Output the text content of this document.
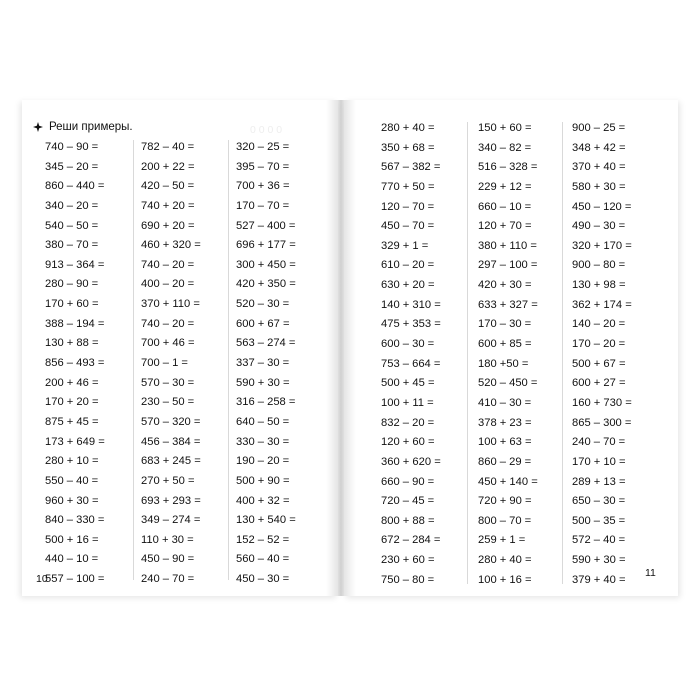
0 0 0 0
Реши примеры.
740 – 90 =
345 – 20 =
860 – 440 =
340 – 20 =
540 – 50 =
380 – 70 =
913 – 364 =
280 – 90 =
170 + 60 =
388 – 194 =
130 + 88 =
856 – 493 =
200 + 46 =
170 + 20 =
875 + 45 =
173 + 649 =
280 + 10 =
550 – 40 =
960 + 30 =
840 – 330 =
500 + 16 =
440 – 10 =
557 – 100 =
782 – 40 =
200 + 22 =
420 – 50 =
740 + 20 =
690 + 20 =
460 + 320 =
740 – 20 =
400 – 20 =
370 + 110 =
740 – 20 =
700 + 46 =
700 – 1 =
570 – 30 =
230 – 50 =
570 – 320 =
456 – 384 =
683 + 245 =
270 + 50 =
693 + 293 =
349 – 274 =
110 + 30 =
450 – 90 =
240 – 70 =
320 – 25 =
395 – 70 =
700 + 36 =
170 – 70 =
527 – 400 =
696 + 177 =
300 + 450 =
420 + 350 =
520 – 30 =
600 + 67 =
563 – 274 =
337 – 30 =
590 + 30 =
316 – 258 =
640 – 50 =
330 – 30 =
190 – 20 =
500 + 90 =
400 + 32 =
130 + 540 =
152 – 52 =
560 – 40 =
450 – 30 =
280 + 40 =
350 + 68 =
567 – 382 =
770 + 50 =
120 – 70 =
450 – 70 =
329 + 1 =
610 – 20 =
630 + 20 =
140 + 310 =
475 + 353 =
600 – 30 =
753 – 664 =
500 + 45 =
100 + 11 =
832 – 20 =
120 + 60 =
360 + 620 =
660 – 90 =
720 – 45 =
800 + 88 =
672 – 284 =
230 + 60 =
750 – 80 =
150 + 60 =
340 – 82 =
516 – 328 =
229 + 12 =
660 – 10 =
120 + 70 =
380 + 110 =
297 – 100 =
420 + 30 =
633 + 327 =
170 – 30 =
600 + 85 =
180 +50 =
520 – 450 =
410 – 30 =
378 + 23 =
100 + 63 =
860 – 29 =
450 + 140 =
720 + 90 =
800 – 70 =
259 + 1 =
280 + 40 =
100 + 16 =
900 – 25 =
348 + 42 =
370 + 40 =
580 + 30 =
450 – 120 =
490 – 30 =
320 + 170 =
900 – 80 =
130 + 98 =
362 + 174 =
140 – 20 =
170 – 20 =
500 + 67 =
600 + 27 =
160 + 730 =
865 – 300 =
240 – 70 =
170 + 10 =
289 + 13 =
650 – 30 =
500 – 35 =
572 – 40 =
590 + 30 =
379 + 40 =
10	11
